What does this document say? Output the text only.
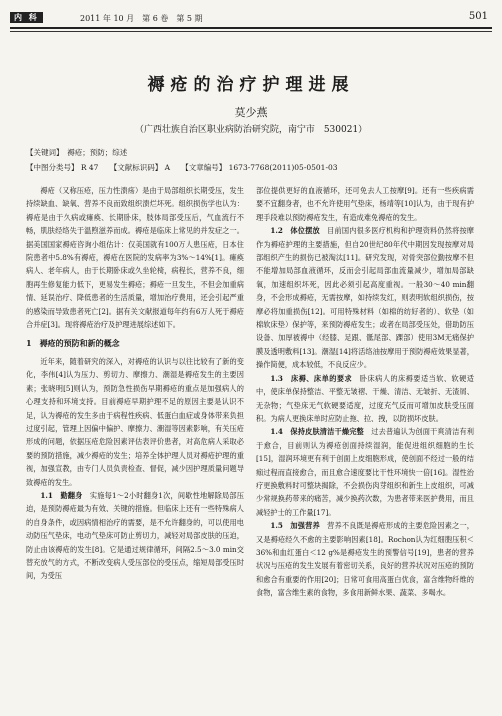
内 科	2011 年 10 月　第 6 卷　第 5 期	501
褥疮的治疗护理进展
莫少燕
（广西壮族自治区职业病防治研究院，南宁市　530021）
【关键词】　褥疮；预防；综述
【中图分类号】 R 47　　【文献标识码】 A　　【文章编号】 1673-7768(2011)05-0501-03

褥疮（又称压疮，压力性溃疡）是由于局部组织长期受压，发生持续缺血、缺氧、营养不良而致组织溃烂坏死。组织损伤学也认为：褥疮是由于久病或瘫痪、长期卧床，肢体局部受压后，气血流行不畅，肌肤经络失于温煦滋养而成。褥疮是临床上常见的并发症之一。据美国国家褥疮咨询小组估计：仅美国就有100万人患压疮，日本住院患者中5.8%有褥疮，褥疮在医院的发病率为3%～14%[1]。瘫痪病人、老年病人，由于长期卧床或久坐轮椅，病程长，营养不良，细胞再生修复能力低下，更易发生褥疮；褥疮一旦发生，不但会加重病情、延误治疗、降低患者的生活质量，增加治疗费用，还会引起严重的感染而导致患者死亡[2]。据有关文献报道每年约有6万人死于褥疮合并症[3]。现将褥疮治疗及护理进展综述如下。

1　褥疮的预防和新的概念

近年来，随着研究的深入，对褥疮的认识与以往比较有了新的变化，李伟[4]认为压力、剪切力、摩擦力、潮湿是褥疮发生的主要因素；张晓明[5]则认为，预防急性损伤早期褥疮的重点是加强病人的心理支持和环境支持。目前褥疮早期护理不足的原因主要是认识不足，认为褥疮的发生多由于病程性疾病、低蛋白血症或身体带来负担过度引起，管理上因偏中偏护、摩擦力、潮湿等因素影响，有关压疮形成的问题，依据压疮危险因素评估表评价患者，对高危病人采取必要的预防措施，减少褥疮的发生；培养全体护理人员对褥疮护理的重视，加强宣教，由专门人员负责检查、督促，减少因护理质量问题导致褥疮的发生。

1.1　勤翻身　 实施每1～2小时翻身1次，间歇性地解除局部压迫，是预防褥疮最为有效、关键的措施。但临床上还有一些特殊病人的自身条件，或因病情相治疗的需要，是不允许翻身的，可以使用电动防压气垫床，电动气垫床可防止剪切力，减轻对局部皮肤的压迫，防止由该褥疮的发生[8]。它是通过规律循环，间隔2.5～3.0 min交替充放气的方式，不断改变病人受压部位的受压点，缩短局部受压时间，为受压

部位提供更好的血液循环，还可免去人工按摩[9]。还有一些疾病需要不宜翻身者，也不允许使用气垫床，杨靖等[10]认为，由于现有护理手段难以预防褥疮发生，有造成难免褥疮的发生。

1.2　体位摆放　 目前国内很多医疗机构和护理资料仍然将按摩作为褥疮护理的主要措施，但自20世纪80年代中期因发现按摩对局部组织产生的损伤已被淘汰[11]。研究发现，对骨突部位勤按摩不但不能增加局部血液循环，反而会引起局部血流量减少，增加局部缺氧，加速组织坏死，因此必须引起高度重视。一般30～40 min翻身，不会形成褥疮，无需按摩，如持续发红，则表明软组织损伤，按摩必将加重损伤[12]。可用特殊材料（如棉的纺好者的）、软垫（如棉软床垫）保护等，来预防褥疮发生；或者在局部受压处，借助防压设备、加厚被褥中（经膝、足跟、骶尾部、踝部）使用3M无痛保护膜及透明敷料[13]。潮湿[14]将活络油按摩用于预防褥疮效果显著，操作简便，成本较低，不良反应少。

1.3　床褥、床单的要求　 卧床病人的床褥要适当软、软硬适中，使床单保持整洁、平整无皱褶、干燥、清洁、无皱折、无渣屑、无杂物；气垫床无气软硬要适度，过度充气反而可增加皮肤受压面积。为病人更换床单时应防止拖、拉、拽，以防损坏皮肤。

1.4　保持皮肤清洁干燥完整　 过去普遍认为创面干爽清洁有利于愈合，目前则认为褥疮创面持续湿润，能促进组织细胞的生长[15]，湿润环境更有利于创面上皮细胞形成，使创面不经过一般的结痂过程而直接愈合，而且愈合速度要比干性环境快一倍[16]。湿性治疗更换敷料时可整块揭除，不会损伤肉芽组织和新生上皮组织，可减少常规换药带来的痛苦，减少换药次数，为患者带来医护费用，而且减轻护士的工作量[17]。

1.5　加强营养　 营养不良既是褥疮形成的主要危险因素之一，又是褥疮经久不愈的主要影响因素[18]。Rochon认为红细胞压积＜36%和血红蛋白＜12 g%是褥疮发生的预警信号[19]，患者的营养状况与压疮的发生发展有着密切关系，良好的营养状况对压疮的预防和愈合有重要的作用[20]；日常可食用高蛋白优食，富含维物纤维的食物，富含维生素的食物，多食用新鲜水果、蔬菜、多喝水。
